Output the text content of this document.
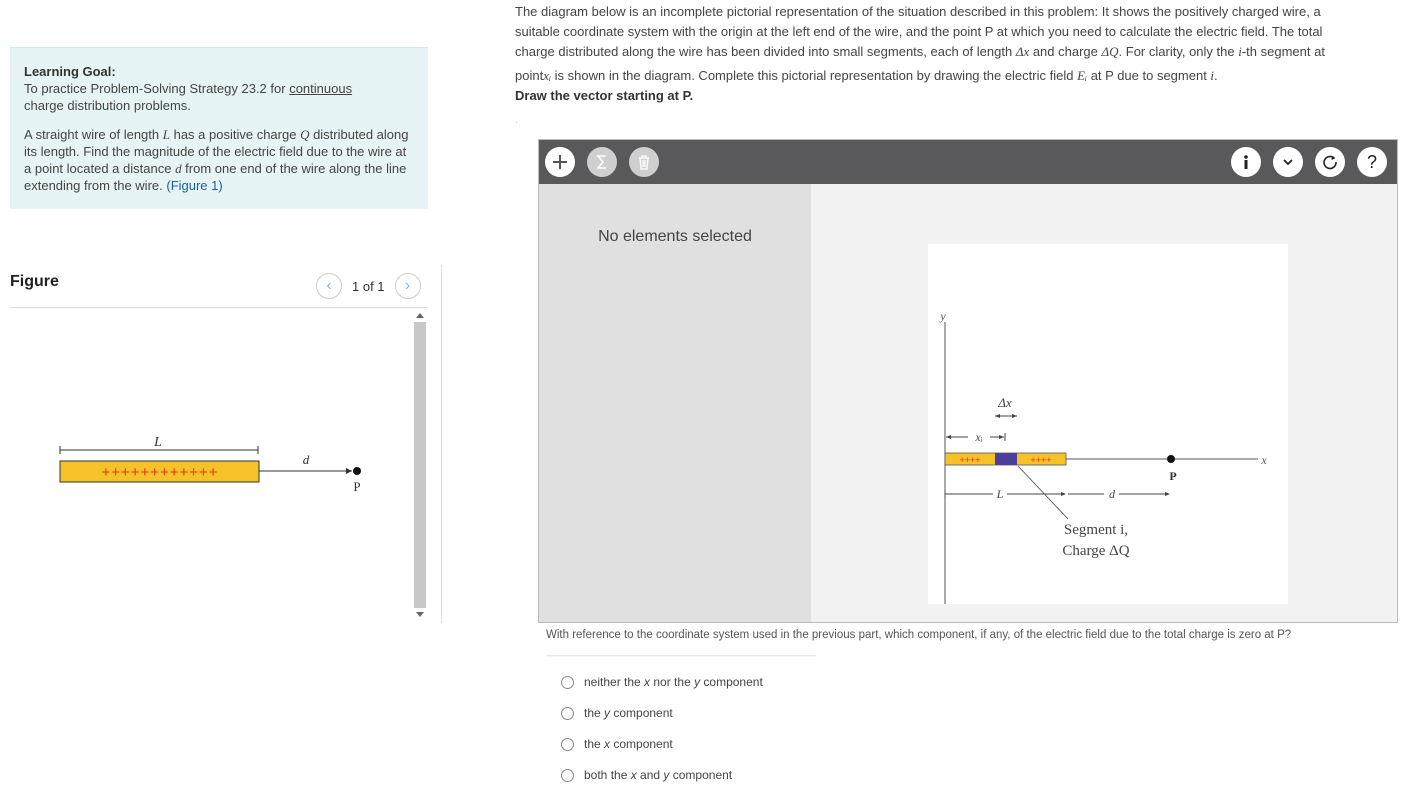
Learning Goal:
To practice Problem-Solving Strategy 23.2 for continuous
charge distribution problems.
A straight wire of length L has a positive charge Q distributed along its length. Find the magnitude of the electric field due to the wire at a point located a distance d from one end of the wire along the line extending from the wire. (Figure 1)
Figure	‹	1 of 1 ›
L
++++++++++++
d
P
The diagram below is an incomplete pictorial representation of the situation described in this problem: It shows the positively charged wire, a
suitable coordinate system with the origin at the left end of the wire, and the point P at which you need to calculate the electric field. The total
charge distributed along the wire has been divided into small segments, each of length Δx and charge ΔQ. For clarity, only the i-th segment at
pointxᵢ is shown in the diagram. Complete this pictorial representation by drawing the electric field Eᵢ at P due to segment i.
Draw the vector starting at P.
ˏ
?
No elements selected
y
x
Δx
xᵢ
++++	++++
P
L	d
Segment i,
Charge ΔQ
With reference to the coordinate system used in the previous part, which component, if any, of the electric field due to the total charge is zero at P?
neither the x nor the y component
the y component
the x component
both the x and y component
